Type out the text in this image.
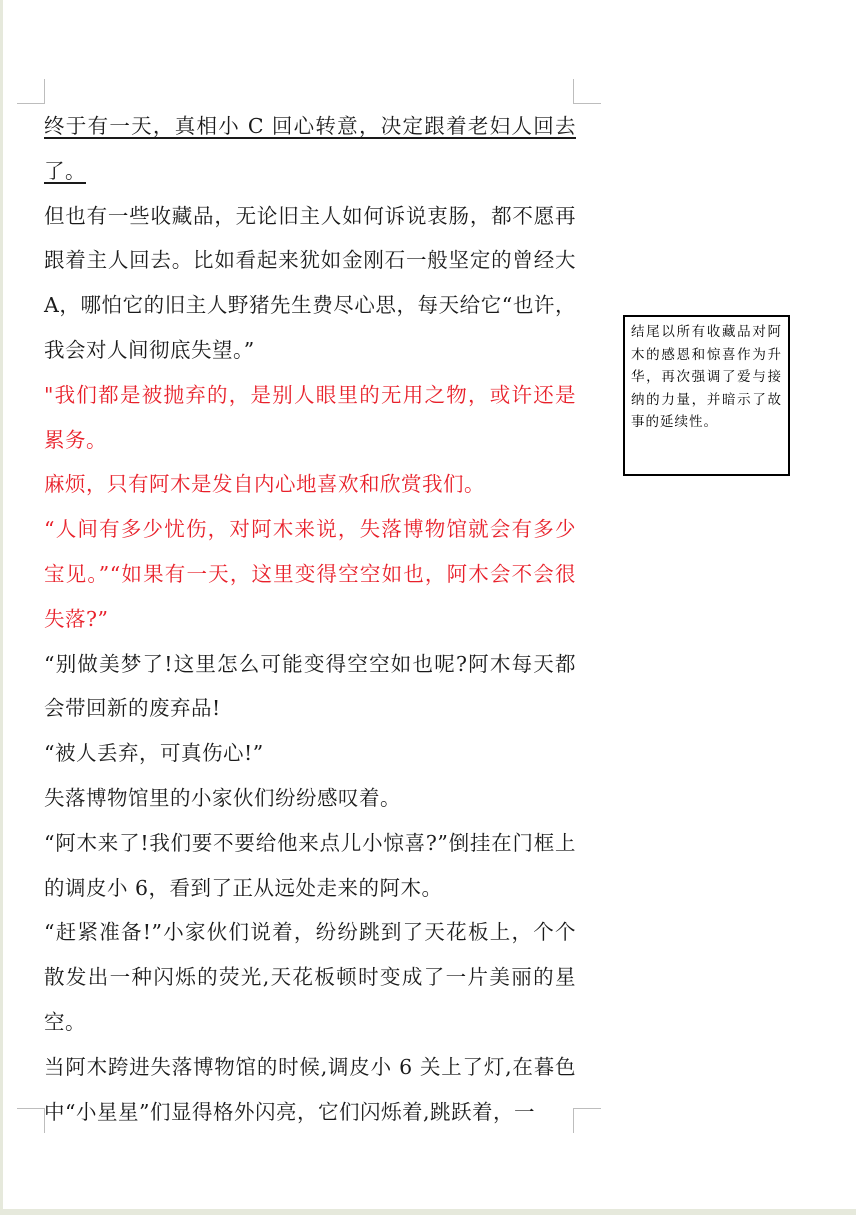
终于有一天，真相小 C 回心转意，决定跟着老妇人回去了。

但也有一些收藏品，无论旧主人如何诉说衷肠，都不愿再跟着主人回去。比如看起来犹如金刚石一般坚定的曾经大 A，哪怕它的旧主人野猪先生费尽心思，每天给它“也许，我会对人间彻底失望。”

"我们都是被抛弃的，是别人眼里的无用之物，或许还是累务。

麻烦，只有阿木是发自内心地喜欢和欣赏我们。

“人间有多少忧伤，对阿木来说，失落博物馆就会有多少宝见。”“如果有一天，这里变得空空如也，阿木会不会很失落?”

“别做美梦了!这里怎么可能变得空空如也呢?阿木每天都会带回新的废弃品!

“被人丢弃，可真伤心!”

失落博物馆里的小家伙们纷纷感叹着。

“阿木来了!我们要不要给他来点儿小惊喜?”倒挂在门框上的调皮小 6，看到了正从远处走来的阿木。

“赶紧准备!”小家伙们说着，纷纷跳到了天花板上，个个散发出一种闪烁的荧光,天花板顿时变成了一片美丽的星空。

当阿木跨进失落博物馆的时候,调皮小 6 关上了灯,在暮色中“小星星”们显得格外闪亮，它们闪烁着,跳跃着，一

结尾以所有收藏品对阿木的感恩和惊喜作为升华，再次强调了爱与接纳的力量，并暗示了故事的延续性。
